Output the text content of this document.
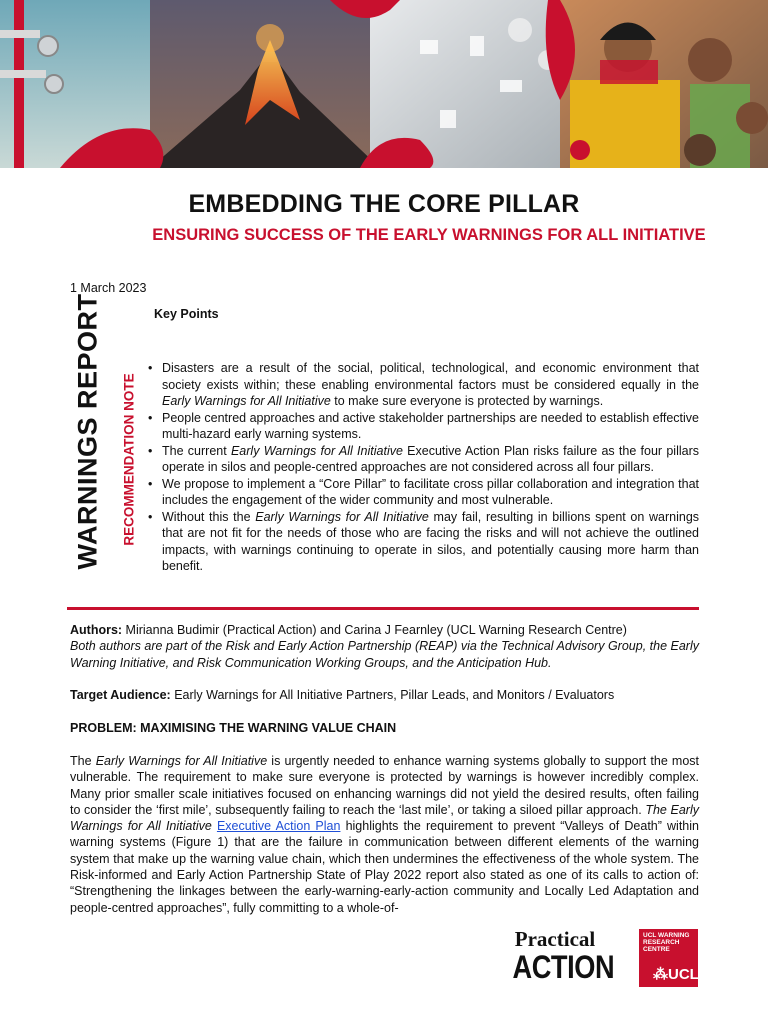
EMBEDDING THE CORE PILLAR
ENSURING SUCCESS OF THE EARLY WARNINGS FOR ALL INITIATIVE
1 March 2023
WARNINGS REPORT RECOMMENDATION NOTE
Key Points
• Disasters are a result of the social, political, technological, and economic environment that society exists within; these enabling environmental factors must be considered equally in the Early Warnings for All Initiative to make sure everyone is protected by warnings.
• People centred approaches and active stakeholder partnerships are needed to establish effective multi-hazard early warning systems.
• The current Early Warnings for All Initiative Executive Action Plan risks failure as the four pillars operate in silos and people-centred approaches are not considered across all four pillars.
• We propose to implement a “Core Pillar” to facilitate cross pillar collaboration and integration that includes the engagement of the wider community and most vulnerable.
• Without this the Early Warnings for All Initiative may fail, resulting in billions spent on warnings that are not fit for the needs of those who are facing the risks and will not achieve the outlined impacts, with warnings continuing to operate in silos, and potentially causing more harm than benefit.

Authors: Mirianna Budimir (Practical Action) and Carina J Fearnley (UCL Warning Research Centre)

Both authors are part of the Risk and Early Action Partnership (REAP) via the Technical Advisory Group, the Early Warning Initiative, and Risk Communication Working Groups, and the Anticipation Hub.

Target Audience: Early Warnings for All Initiative Partners, Pillar Leads, and Monitors / Evaluators

PROBLEM: MAXIMISING THE WARNING VALUE CHAIN

The Early Warnings for All Initiative is urgently needed to enhance warning systems globally to support the most vulnerable. The requirement to make sure everyone is protected by warnings is however incredibly complex. Many prior smaller scale initiatives focused on enhancing warnings did not yield the desired results, often failing to consider the ‘first mile’, subsequently failing to reach the ‘last mile’, or taking a siloed pillar approach. The Early Warnings for All Initiative Executive Action Plan highlights the requirement to prevent “Valleys of Death” within warning systems (Figure 1) that are the failure in communication between different elements of the warning system that make up the warning value chain, which then undermines the effectiveness of the whole system. The Risk-informed and Early Action Partnership State of Play 2022 report also stated as one of its calls to action of: “Strengthening the linkages between the early-warning-early-action community and Locally Led Adaptation and people-centred approaches”, fully committing to a whole-of-

Practical
ACTION
UCL WARNING RESEARCH CENTRE
⁂UCL
